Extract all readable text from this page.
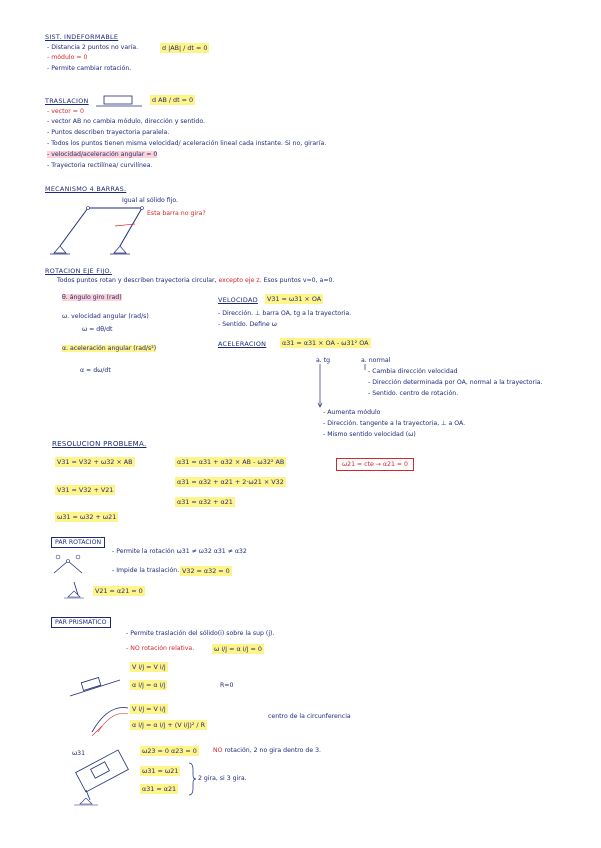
SIST. INDEFORMABLE
- Distancia 2 puntos no varía.
- módulo = 0
- Permite cambiar rotación.
d |AB| / dt = 0
TRASLACION	d AB / dt = 0
- vector = 0
- vector AB no cambia módulo, dirección y sentido.
- Puntos describen trayectoria paralela.
- Todos los puntos tienen misma velocidad/ aceleración lineal cada instante. Si no, giraría.
- velocidad/aceleración angular = 0
- Trayectoria rectilínea/ curvilínea.
MECANISMO 4 BARRAS.
Igual al sólido fijo.
Esta barra no gira?
ROTACION EJE FIJO.
Todos puntos rotan y describen trayectoria circular, excepto eje z. Esos puntos v=0, a=0.
θ. ángulo giro (rad)
ω. velocidad angular (rad/s)
ω = dθ/dt
α. aceleración angular (rad/s²)
α = dω/dt
VELOCIDAD	V31 = ω31 × OA
- Dirección. ⊥ barra OA, tg a la trayectoria.
- Sentido. Define ω
ACELERACION	α31 = α31 × OA - ω31² OA
a. tg	a. normal
- Cambia dirección velocidad
- Dirección determinada por OA, normal a la trayectoria.
- Sentido. centro de rotación.
- Aumenta módulo
- Dirección. tangente a la trayectoria, ⊥ a OA.
- Mismo sentido velocidad (ω)
RESOLUCION PROBLEMA.
V31 = V32 + ω32 × AB
V31 = V32 + V21
ω31 = ω32 + ω21
α31 = α31 + α32 × AB - ω32² AB
α31 = α32 + α21 + 2·ω21 × V32
α31 = α32 + α21
ω21 = cte → α21 = 0
PAR ROTACION
- Permite la rotación ω31 ≠ ω32 α31 ≠ α32
- Impide la traslación. V32 = α32 = 0
V21 = α21 = 0
PAR PRISMATICO
- Permite traslación del sólido(i) sobre la sup (j).
- NO rotación relativa.	ω i/j = α i/j = 0
V i/j = V i/j
α i/j = α i/j	R=0
V i/j = V i/j
α i/j = α i/j + (V i/j)² / R
centro de la circunferencia
ω31	ω23 = 0 α23 = 0	NO rotación, 2 no gira dentro de 3.
ω31 = ω21
α31 = α21
2 gira, si 3 gira.
